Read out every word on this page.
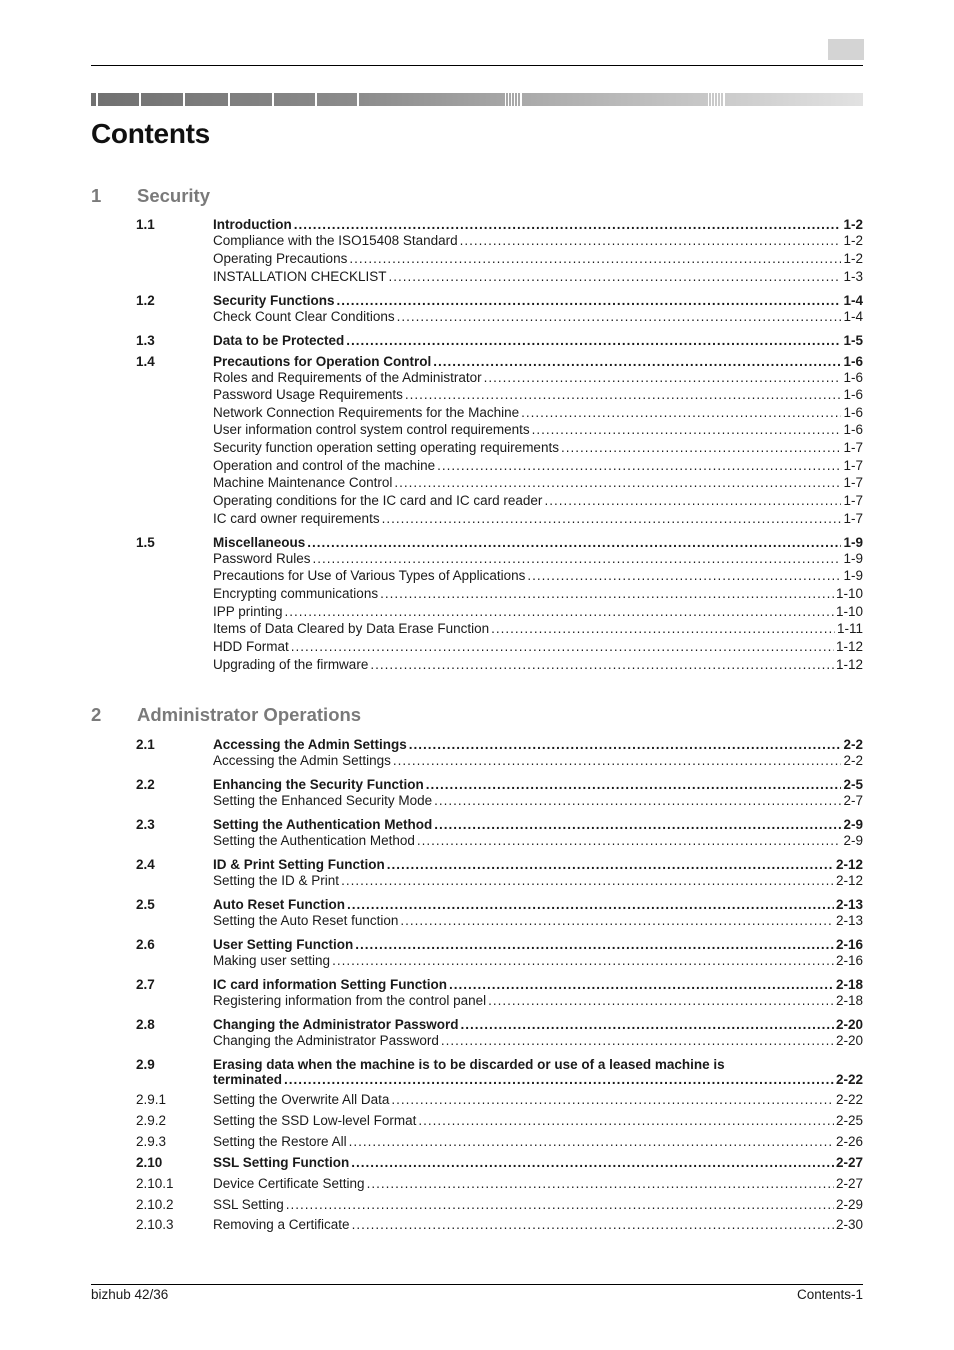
Contents
1 Security
1.1	Introduction .....	1-2
Compliance with the ISO15408 Standard .....	1-2
Operating Precautions .....	1-2
INSTALLATION CHECKLIST .....	1-3
1.2	Security Functions .....	1-4
Check Count Clear Conditions .....	1-4
1.3	Data to be Protected .....	1-5
1.4	Precautions for Operation Control .....	1-6
Roles and Requirements of the Administrator .....	1-6
Password Usage Requirements .....	1-6
Network Connection Requirements for the Machine .....	1-6
User information control system control requirements .....	1-6
Security function operation setting operating requirements .....	1-7
Operation and control of the machine .....	1-7
Machine Maintenance Control .....	1-7
Operating conditions for the IC card and IC card reader .....	1-7
IC card owner requirements .....	1-7
1.5	Miscellaneous .....	1-9
Password Rules .....	1-9
Precautions for Use of Various Types of Applications .....	1-9
Encrypting communications .....	1-10
IPP printing .....	1-10
Items of Data Cleared by Data Erase Function .....	1-11
HDD Format .....	1-12
Upgrading of the firmware .....	1-12
2 Administrator Operations
2.1	Accessing the Admin Settings .....	2-2
Accessing the Admin Settings .....	2-2
2.2	Enhancing the Security Function .....	2-5
Setting the Enhanced Security Mode .....	2-7
2.3	Setting the Authentication Method .....	2-9
Setting the Authentication Method .....	2-9
2.4	ID & Print Setting Function .....	2-12
Setting the ID & Print .....	2-12
2.5	Auto Reset Function .....	2-13
Setting the Auto Reset function .....	2-13
2.6	User Setting Function .....	2-16
Making user setting .....	2-16
2.7	IC card information Setting Function .....	2-18
Registering information from the control panel .....	2-18
2.8	Changing the Administrator Password .....	2-20
Changing the Administrator Password .....	2-20
2.9	Erasing data when the machine is to be discarded or use of a leased machine is
terminated .....	2-22
2.9.1	Setting the Overwrite All Data .....	2-22
2.9.2	Setting the SSD Low-level Format .....	2-25
2.9.3	Setting the Restore All .....	2-26
2.10	SSL Setting Function .....	2-27
2.10.1	Device Certificate Setting .....	2-27
2.10.2	SSL Setting .....	2-29
2.10.3	Removing a Certificate .....	2-30
bizhub 42/36	Contents-1
